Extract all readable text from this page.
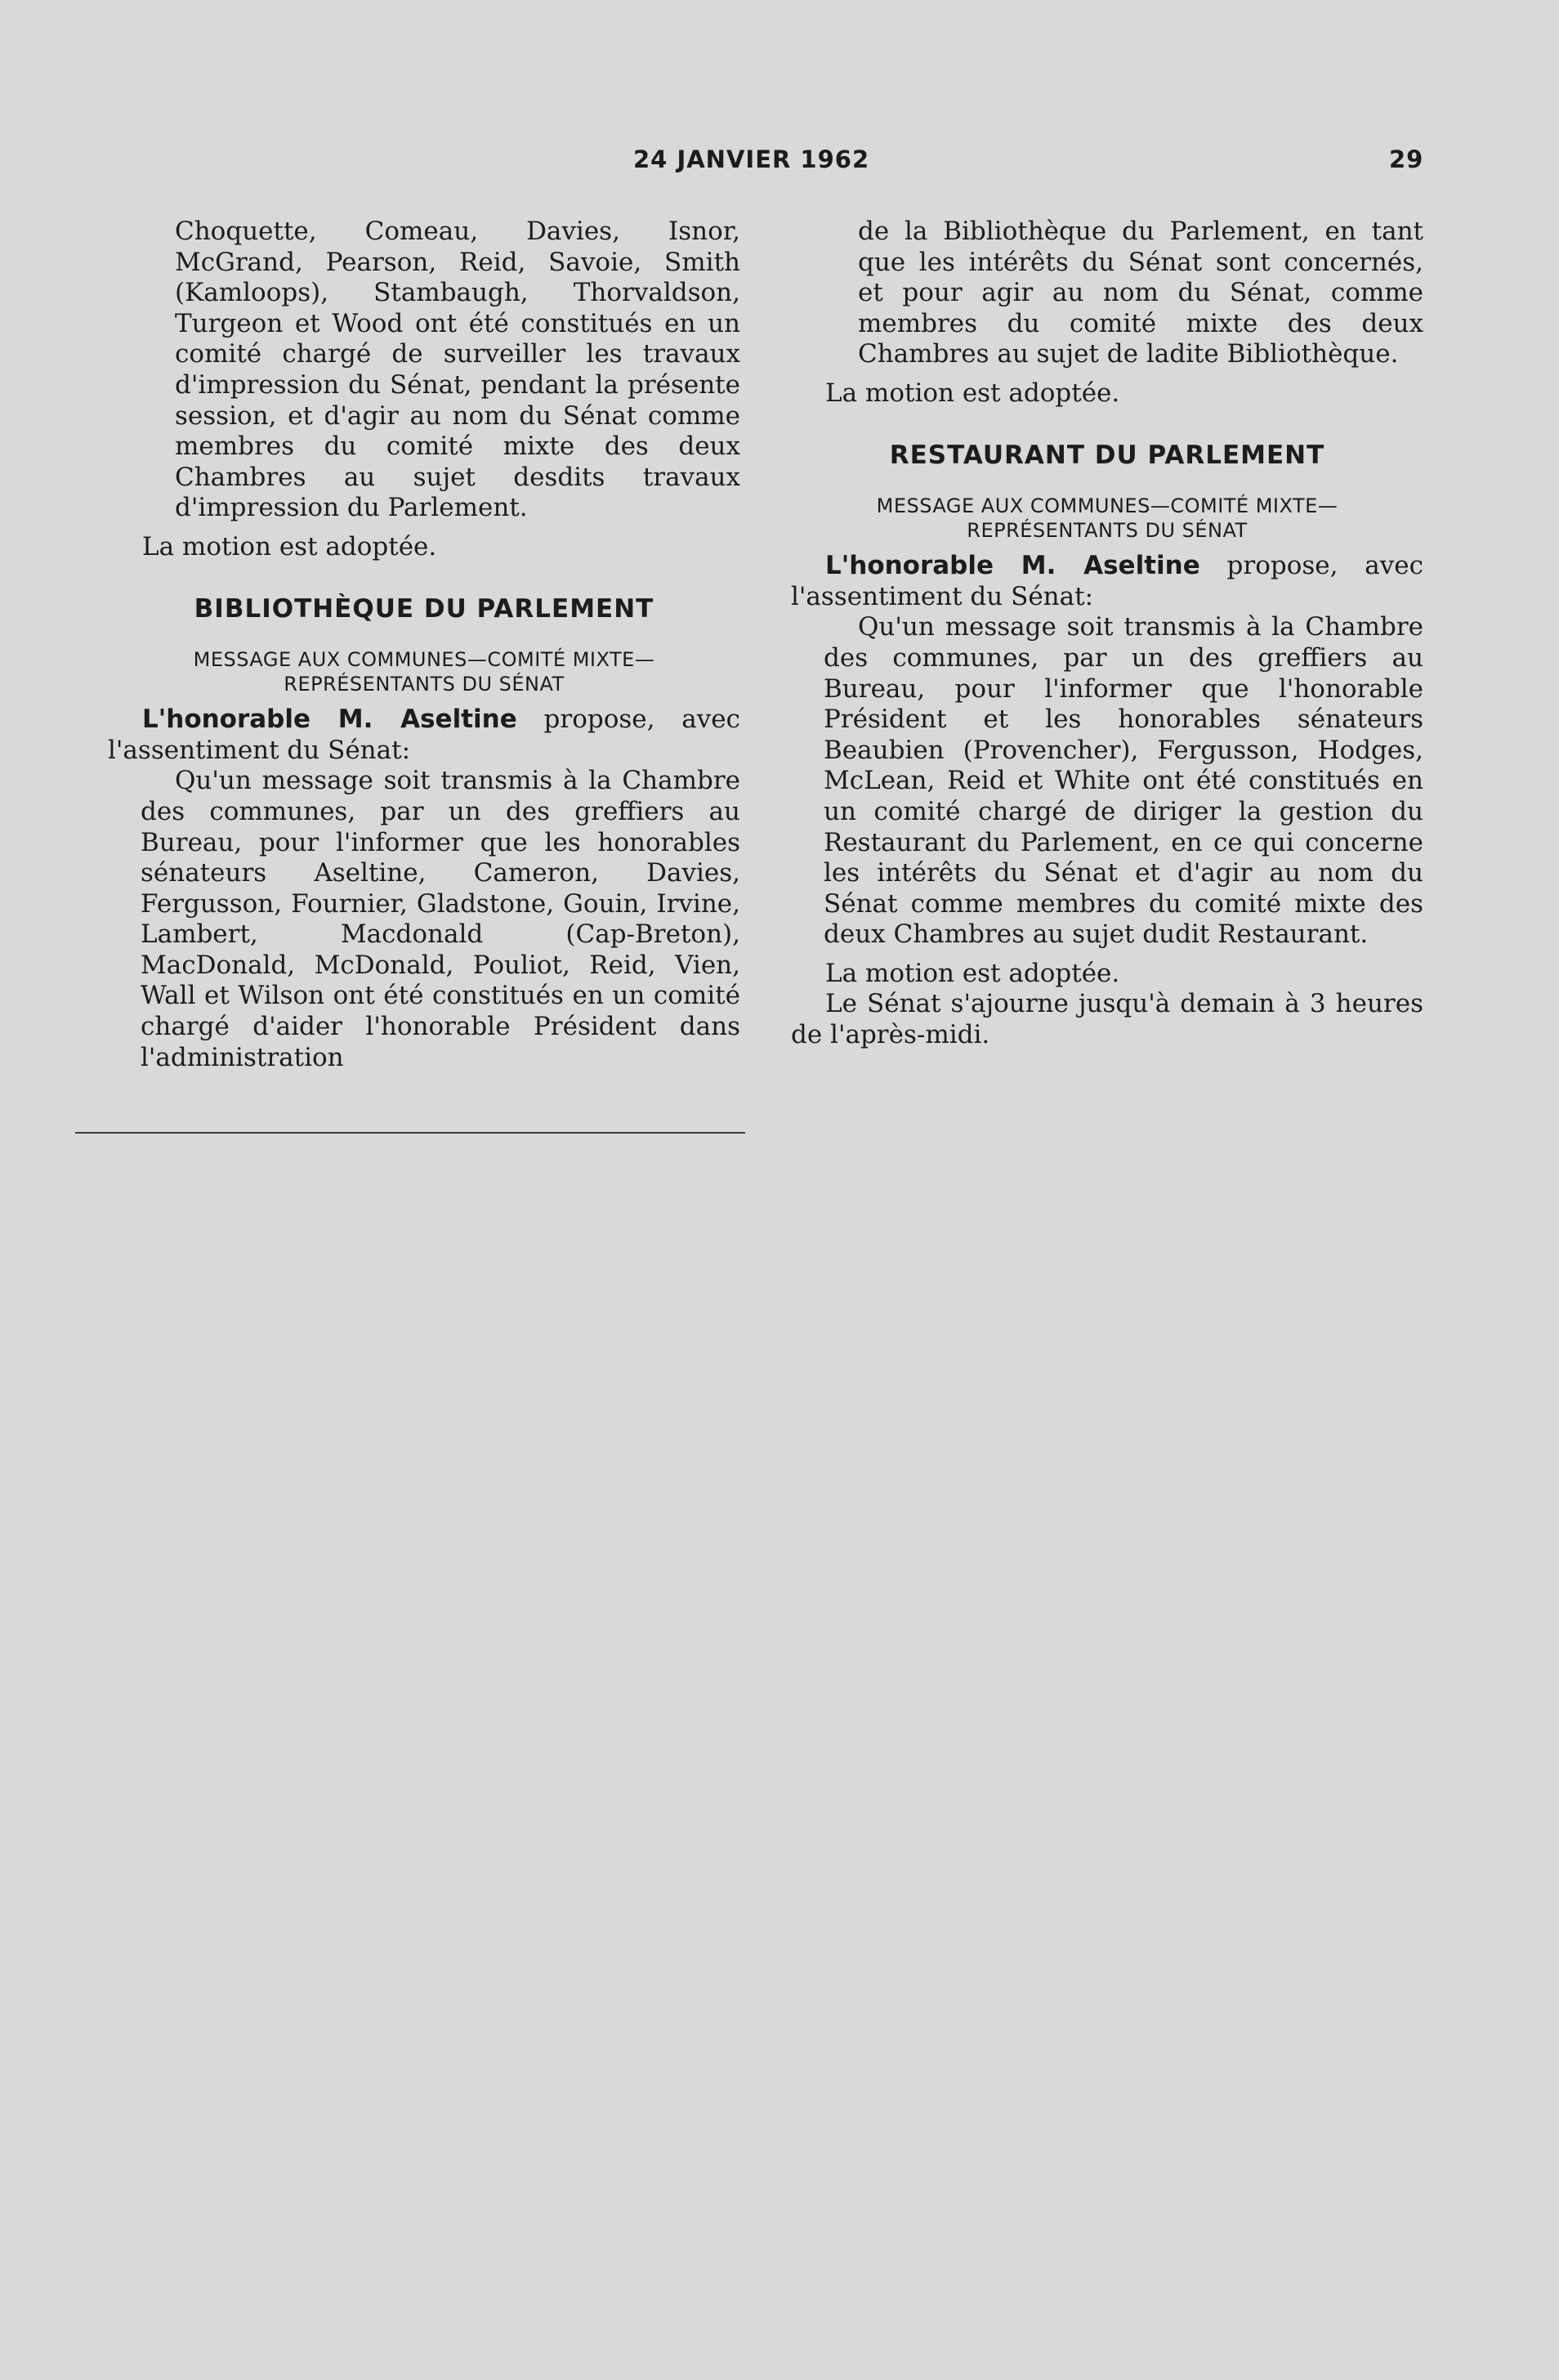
24 JANVIER 1962	29

Choquette, Comeau, Davies, Isnor, McGrand, Pearson, Reid, Savoie, Smith (Kamloops), Stambaugh, Thorvaldson, Turgeon et Wood ont été constitués en un comité chargé de surveiller les travaux d'impression du Sénat, pendant la présente session, et d'agir au nom du Sénat comme membres du comité mixte des deux Chambres au sujet desdits travaux d'impression du Parlement.

La motion est adoptée.

BIBLIOTHÈQUE DU PARLEMENT
MESSAGE AUX COMMUNES—COMITÉ MIXTE— REPRÉSENTANTS DU SÉNAT

L'honorable M. Aseltine propose, avec l'assentiment du Sénat:

Qu'un message soit transmis à la Chambre des communes, par un des greffiers au Bureau, pour l'informer que les honorables sénateurs Aseltine, Cameron, Davies, Fergusson, Fournier, Gladstone, Gouin, Irvine, Lambert, Macdonald (Cap-Breton), MacDonald, McDonald, Pouliot, Reid, Vien, Wall et Wilson ont été constitués en un comité chargé d'aider l'honorable Président dans l'administration

de la Bibliothèque du Parlement, en tant que les intérêts du Sénat sont concernés, et pour agir au nom du Sénat, comme membres du comité mixte des deux Chambres au sujet de ladite Bibliothèque.

La motion est adoptée.

RESTAURANT DU PARLEMENT
MESSAGE AUX COMMUNES—COMITÉ MIXTE— REPRÉSENTANTS DU SÉNAT

L'honorable M. Aseltine propose, avec l'assentiment du Sénat:

Qu'un message soit transmis à la Chambre des communes, par un des greffiers au Bureau, pour l'informer que l'honorable Président et les honorables sénateurs Beaubien (Provencher), Fergusson, Hodges, McLean, Reid et White ont été constitués en un comité chargé de diriger la gestion du Restaurant du Parlement, en ce qui concerne les intérêts du Sénat et d'agir au nom du Sénat comme membres du comité mixte des deux Chambres au sujet dudit Restaurant.

La motion est adoptée.

Le Sénat s'ajourne jusqu'à demain à 3 heures de l'après-midi.
